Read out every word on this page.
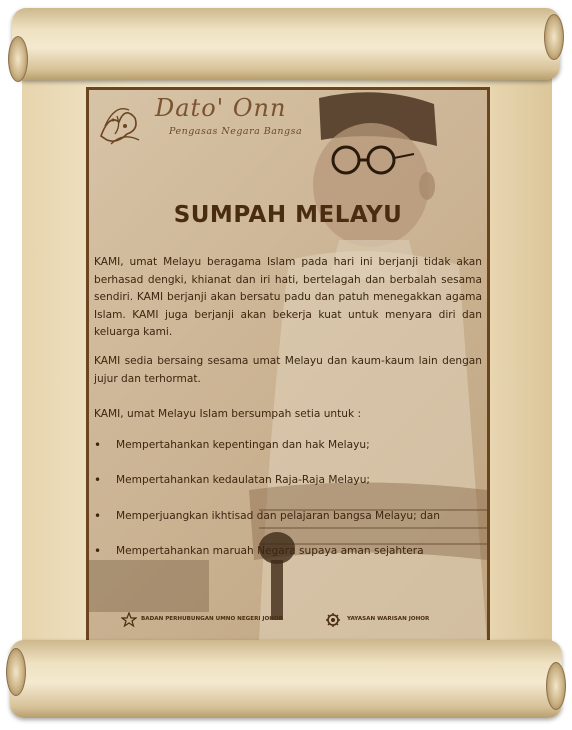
Dato' Onn
Pengasas Negara Bangsa
SUMPAH MELAYU
KAMI, umat Melayu beragama Islam pada hari ini berjanji tidak akan berhasad dengki, khianat dan iri hati, bertelagah dan berbalah sesama sendiri. KAMI berjanji akan bersatu padu dan patuh menegakkan agama Islam. KAMI juga berjanji akan bekerja kuat untuk menyara diri dan keluarga kami.
KAMI sedia bersaing sesama umat Melayu dan kaum-kaum lain dengan jujur dan terhormat.
KAMI, umat Melayu Islam bersumpah setia untuk :
• Mempertahankan kepentingan dan hak Melayu;
• Mempertahankan kedaulatan Raja-Raja Melayu;
• Memperjuangkan ikhtisad dan pelajaran bangsa Melayu; dan
• Mempertahankan maruah Negara supaya aman sejahtera
BADAN PERHUBUNGAN UMNO NEGERI JOHOR	YAYASAN WARISAN JOHOR
